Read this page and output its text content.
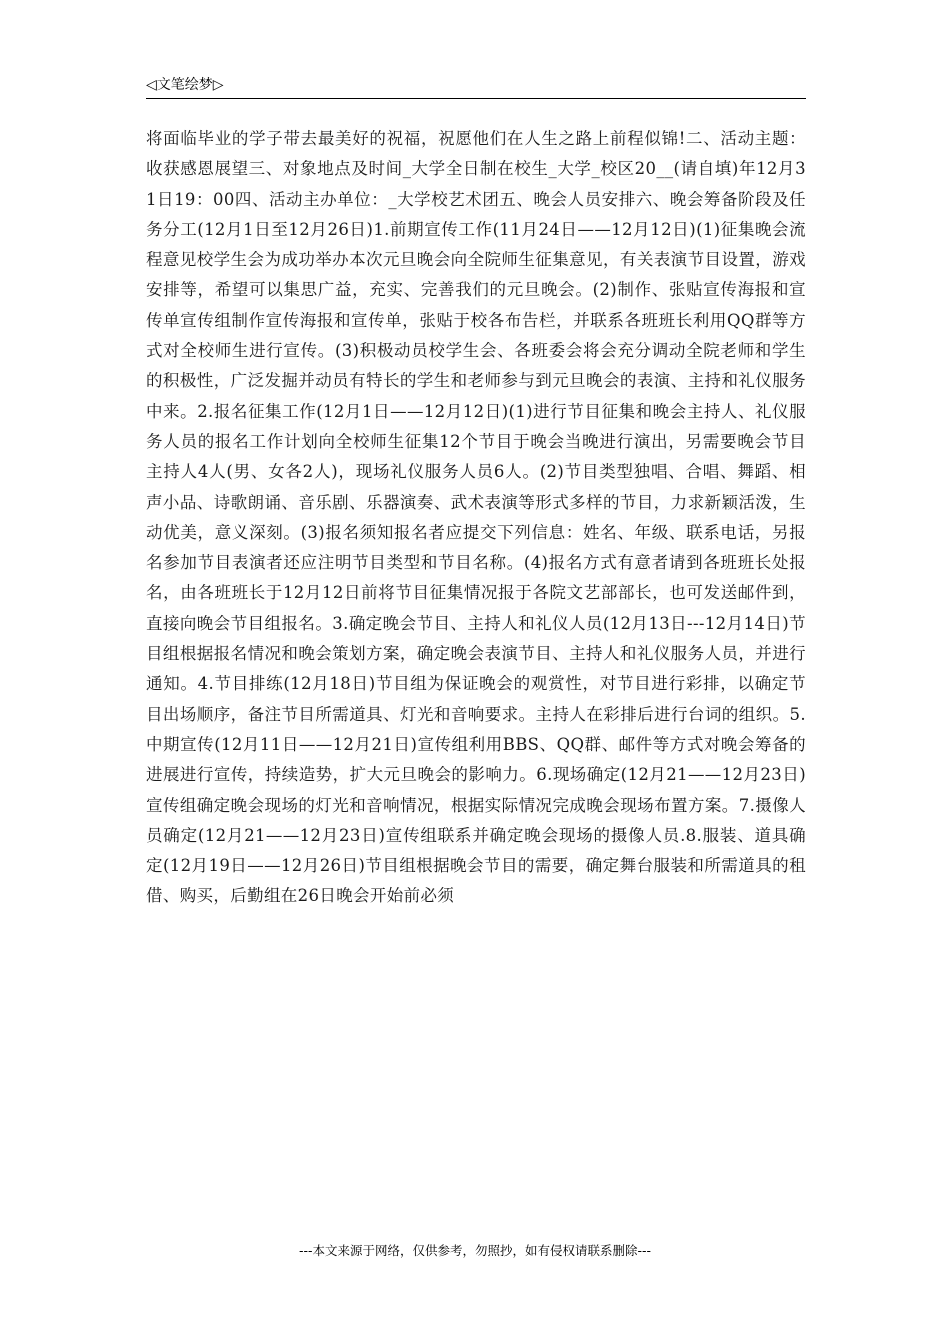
◁文笔绘梦▷

将面临毕业的学子带去最美好的祝福，祝愿他们在人生之路上前程似锦!二、活动主题：收获感恩展望三、对象地点及时间_大学全日制在校生_大学_校区20__(请自填)年12月31日19：00四、活动主办单位：_大学校艺术团五、晚会人员安排六、晚会筹备阶段及任务分工(12月1日至12月26日)1.前期宣传工作(11月24日——12月12日)(1)征集晚会流程意见校学生会为成功举办本次元旦晚会向全院师生征集意见，有关表演节目设置，游戏安排等，希望可以集思广益，充实、完善我们的元旦晚会。(2)制作、张贴宣传海报和宣传单宣传组制作宣传海报和宣传单，张贴于校各布告栏，并联系各班班长利用QQ群等方式对全校师生进行宣传。(3)积极动员校学生会、各班委会将会充分调动全院老师和学生的积极性，广泛发掘并动员有特长的学生和老师参与到元旦晚会的表演、主持和礼仪服务中来。2.报名征集工作(12月1日——12月12日)(1)进行节目征集和晚会主持人、礼仪服务人员的报名工作计划向全校师生征集12个节目于晚会当晚进行演出，另需要晚会节目主持人4人(男、女各2人)，现场礼仪服务人员6人。(2)节目类型独唱、合唱、舞蹈、相声小品、诗歌朗诵、音乐剧、乐器演奏、武术表演等形式多样的节目，力求新颖活泼，生动优美，意义深刻。(3)报名须知报名者应提交下列信息：姓名、年级、联系电话，另报名参加节目表演者还应注明节目类型和节目名称。(4)报名方式有意者请到各班班长处报名，由各班班长于12月12日前将节目征集情况报于各院文艺部部长，也可发送邮件到，直接向晚会节目组报名。3.确定晚会节目、主持人和礼仪人员(12月13日---12月14日)节目组根据报名情况和晚会策划方案，确定晚会表演节目、主持人和礼仪服务人员，并进行通知。4.节目排练(12月18日)节目组为保证晚会的观赏性，对节目进行彩排，以确定节目出场顺序，备注节目所需道具、灯光和音响要求。主持人在彩排后进行台词的组织。5.中期宣传(12月11日——12月21日)宣传组利用BBS、QQ群、邮件等方式对晚会筹备的进展进行宣传，持续造势，扩大元旦晚会的影响力。6.现场确定(12月21——12月23日)宣传组确定晚会现场的灯光和音响情况，根据实际情况完成晚会现场布置方案。7.摄像人员确定(12月21——12月23日)宣传组联系并确定晚会现场的摄像人员.8.服装、道具确定(12月19日——12月26日)节目组根据晚会节目的需要，确定舞台服装和所需道具的租借、购买，后勤组在26日晚会开始前必须

---本文来源于网络，仅供参考，勿照抄，如有侵权请联系删除---
